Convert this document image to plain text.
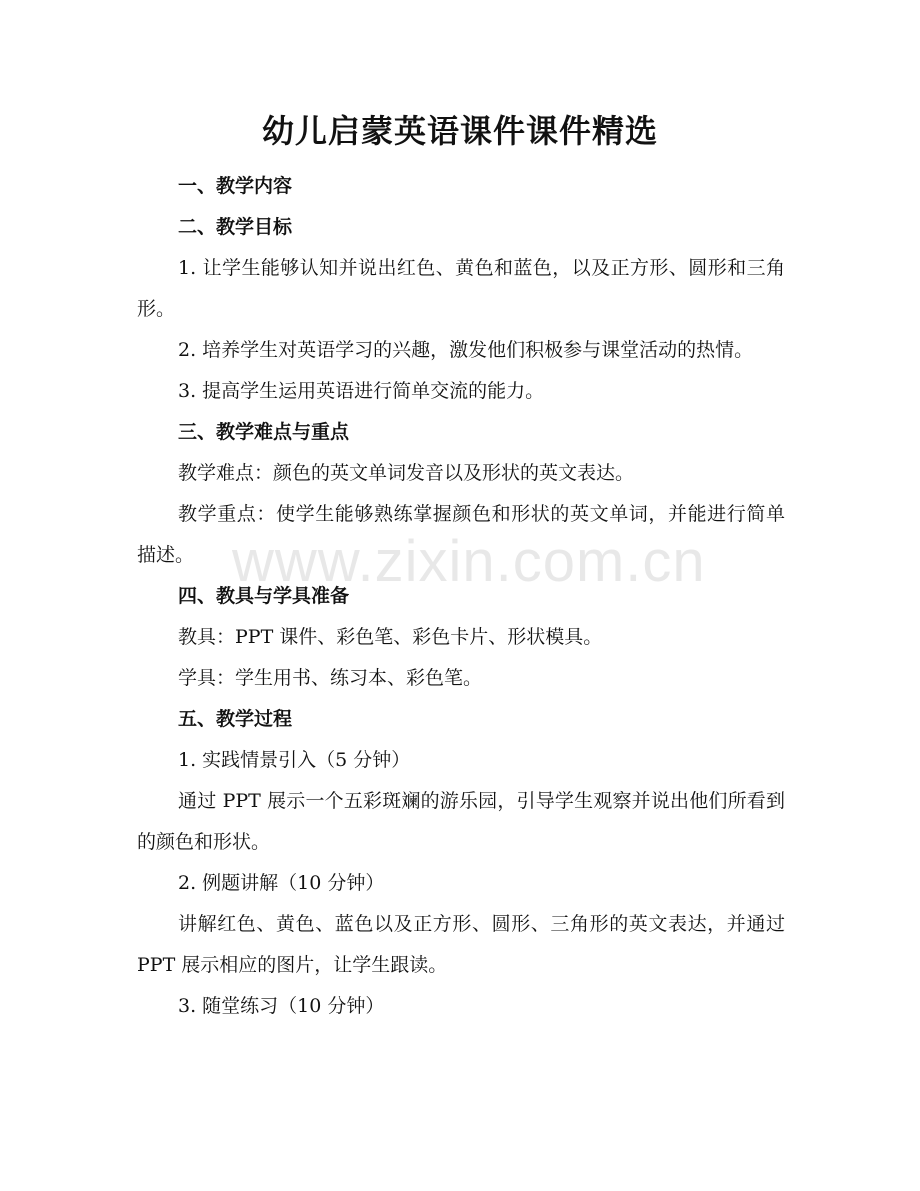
幼儿启蒙英语课件课件精选

一、教学内容

二、教学目标

1. 让学生能够认知并说出红色、黄色和蓝色，以及正方形、圆形和三角形。

2. 培养学生对英语学习的兴趣，激发他们积极参与课堂活动的热情。

3. 提高学生运用英语进行简单交流的能力。

三、教学难点与重点

教学难点：颜色的英文单词发音以及形状的英文表达。

教学重点：使学生能够熟练掌握颜色和形状的英文单词，并能进行简单描述。

四、教具与学具准备

教具：PPT 课件、彩色笔、彩色卡片、形状模具。

学具：学生用书、练习本、彩色笔。

五、教学过程

1. 实践情景引入（5 分钟）

通过 PPT 展示一个五彩斑斓的游乐园，引导学生观察并说出他们所看到的颜色和形状。

2. 例题讲解（10 分钟）

讲解红色、黄色、蓝色以及正方形、圆形、三角形的英文表达，并通过 PPT 展示相应的图片，让学生跟读。

3. 随堂练习（10 分钟）

www.zixin.com.cn
